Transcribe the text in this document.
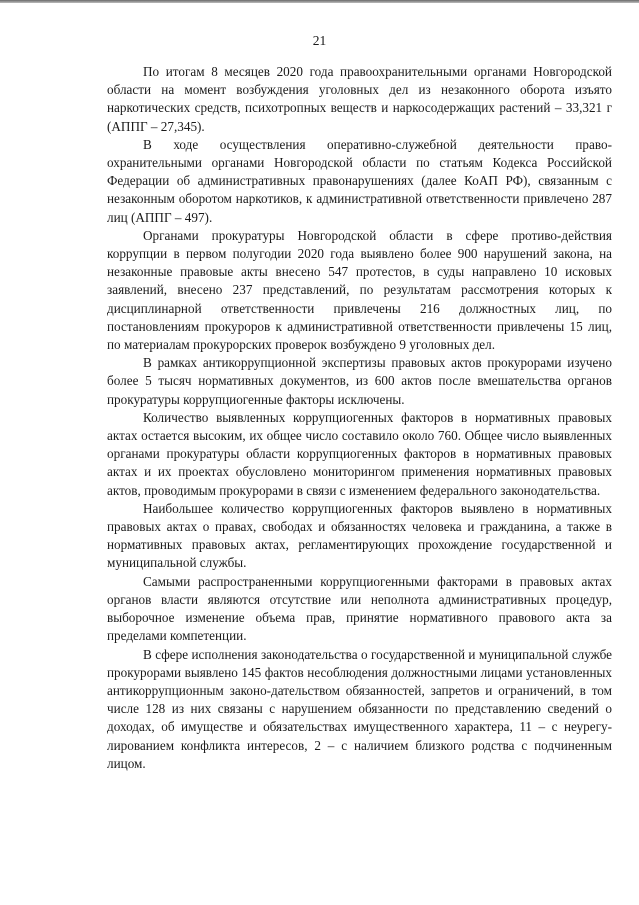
21

По итогам 8 месяцев 2020 года правоохранительными органами Новгородской области на момент возбуждения уголовных дел из незаконного оборота изъято наркотических средств, психотропных веществ и наркосодержащих растений – 33,321 г (АППГ – 27,345).

В ходе осуществления оперативно-служебной деятельности право-охранительными органами Новгородской области по статьям Кодекса Российской Федерации об административных правонарушениях (далее КоАП РФ), связанным с незаконным оборотом наркотиков, к административной ответственности привлечено 287 лиц (АППГ – 497).

Органами прокуратуры Новгородской области в сфере противо-действия коррупции в первом полугодии 2020 года выявлено более 900 нарушений закона, на незаконные правовые акты внесено 547 протестов, в суды направлено 10 исковых заявлений, внесено 237 представлений, по результатам рассмотрения которых к дисциплинарной ответственности привлечены 216 должностных лиц, по постановлениям прокуроров к административной ответственности привлечены 15 лиц, по материалам прокурорских проверок возбуждено 9 уголовных дел.

В рамках антикоррупционной экспертизы правовых актов прокурорами изучено более 5 тысяч нормативных документов, из 600 актов после вмешательства органов прокуратуры коррупциогенные факторы исключены.

Количество выявленных коррупциогенных факторов в нормативных правовых актах остается высоким, их общее число составило около 760. Общее число выявленных органами прокуратуры области коррупциогенных факторов в нормативных правовых актах и их проектах обусловлено мониторингом применения нормативных правовых актов, проводимым прокурорами в связи с изменением федерального законодательства.

Наибольшее количество коррупциогенных факторов выявлено в нормативных правовых актах о правах, свободах и обязанностях человека и гражданина, а также в нормативных правовых актах, регламентирующих прохождение государственной и муниципальной службы.

Самыми распространенными коррупциогенными факторами в правовых актах органов власти являются отсутствие или неполнота административных процедур, выборочное изменение объема прав, принятие нормативного правового акта за пределами компетенции.

В сфере исполнения законодательства о государственной и муниципальной службе прокурорами выявлено 145 фактов несоблюдения должностными лицами установленных антикоррупционным законо-дательством обязанностей, запретов и ограничений, в том числе 128 из них связаны с нарушением обязанности по представлению сведений о доходах, об имуществе и обязательствах имущественного характера, 11 – с неурегу-лированием конфликта интересов, 2 – с наличием близкого родства с подчиненным лицом.
